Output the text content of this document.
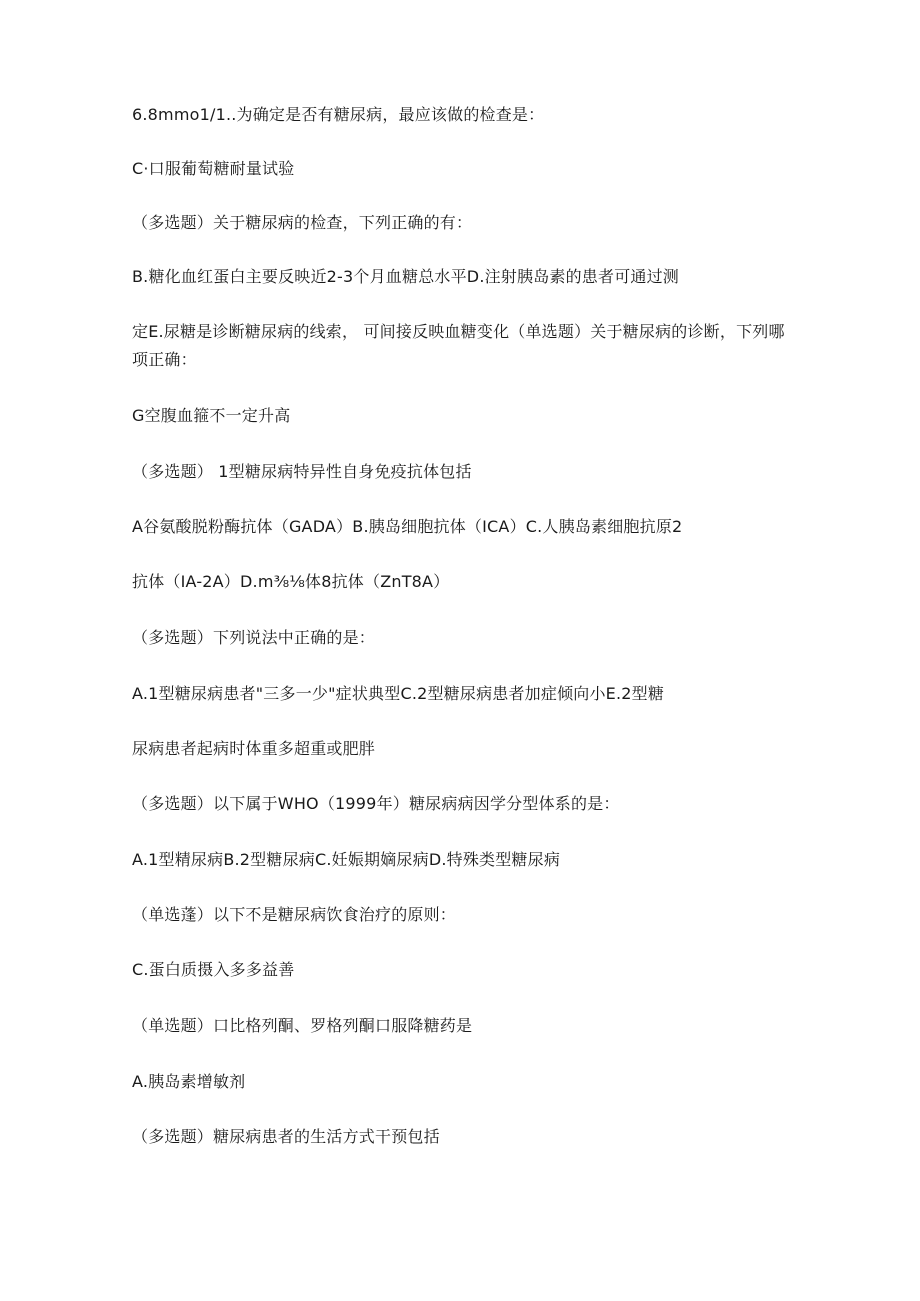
6.8mmo1∕1..为确定是否有糖尿病，最应该做的检查是：
C·口服葡萄糖耐量试验
（多选题）关于糖尿病的检查，下列正确的有：
B.糖化血红蛋白主要反映近2-3个月血糖总水平D.注射胰岛素的患者可通过测
定E.尿糖是诊断糖尿病的线索， 可间接反映血糖变化（单选题）关于糖尿病的诊断，下列哪项正确：
G空腹血箍不一定升高
（多选题） 1型糖尿病特异性自身免疫抗体包括
A谷氨酸脱粉酶抗体（GADA）B.胰岛细胞抗体（ICA）C.人胰岛素细胞抗原2
抗体（IA-2A）D.m⅜⅛体8抗体（ZnT8A）
（多选题）下列说法中正确的是：
A.1型糖尿病患者"三多一少"症状典型C.2型糖尿病患者加症倾向小E.2型糖
尿病患者起病时体重多超重或肥胖
（多选题）以下属于WHO（1999年）糖尿病病因学分型体系的是：
A.1型精尿病B.2型糖尿病C.妊娠期嫡尿病D.特殊类型糖尿病
（单选蓬）以下不是糖尿病饮食治疗的原则：
C.蛋白质摄入多多益善
（单选题）口比格列酮、罗格列酮口服降糖药是
A.胰岛素增敏剂
（多选题）糖尿病患者的生活方式干预包括
